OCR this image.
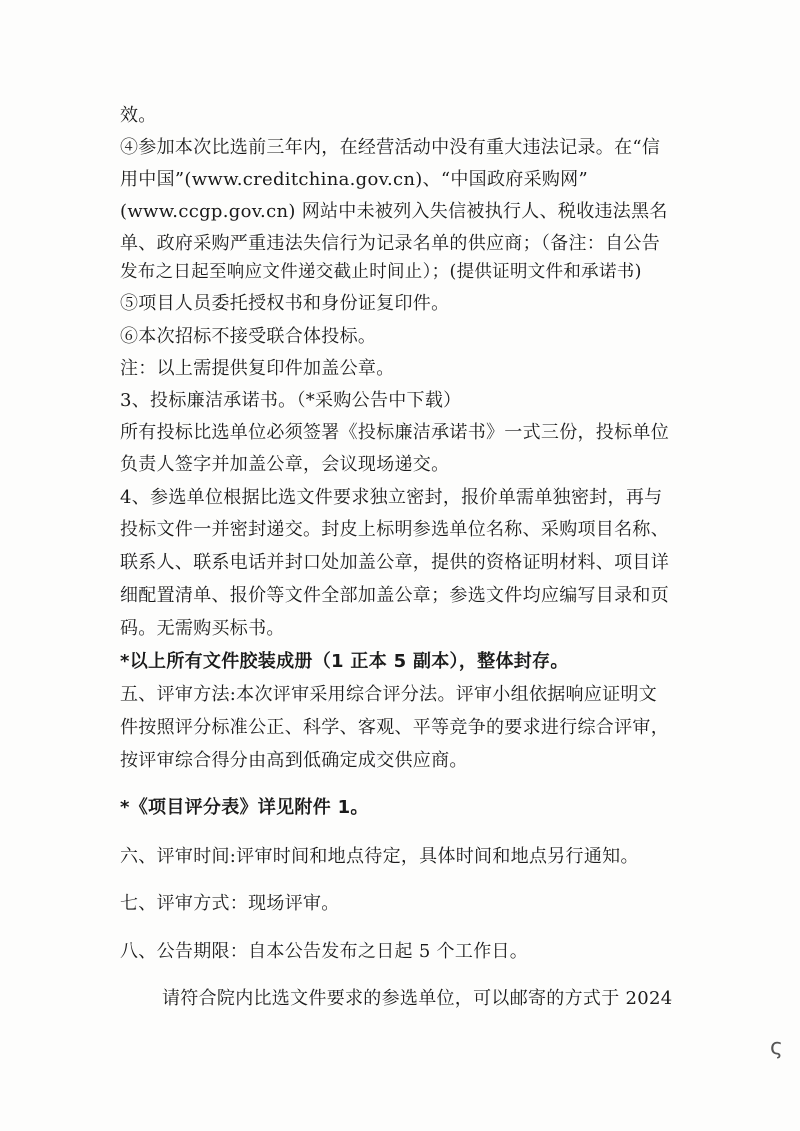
效。
④参加本次比选前三年内，在经营活动中没有重大违法记录。在“信
用中国”(www.creditchina.gov.cn)、“中国政府采购网”
(www.ccgp.gov.cn) 网站中未被列入失信被执行人、税收违法黑名
单、政府采购严重违法失信行为记录名单的供应商；（备注：自公告
发布之日起至响应文件递交截止时间止）；(提供证明文件和承诺书)
⑤项目人员委托授权书和身份证复印件。
⑥本次招标不接受联合体投标。
注：以上需提供复印件加盖公章。
3、投标廉洁承诺书。（*采购公告中下载）
所有投标比选单位必须签署《投标廉洁承诺书》一式三份，投标单位
负责人签字并加盖公章，会议现场递交。
4、参选单位根据比选文件要求独立密封，报价单需单独密封，再与
投标文件一并密封递交。封皮上标明参选单位名称、采购项目名称、
联系人、联系电话并封口处加盖公章，提供的资格证明材料、项目详
细配置清单、报价等文件全部加盖公章；参选文件均应编写目录和页
码。无需购买标书。
*以上所有文件胶装成册（1 正本 5 副本），整体封存。
五、评审方法:本次评审采用综合评分法。评审小组依据响应证明文
件按照评分标准公正、科学、客观、平等竞争的要求进行综合评审，
按评审综合得分由高到低确定成交供应商。
*《项目评分表》详见附件 1。
六、评审时间:评审时间和地点待定，具体时间和地点另行通知。
七、评审方式：现场评审。
八、公告期限：自本公告发布之日起 5 个工作日。
请符合院内比选文件要求的参选单位，可以邮寄的方式于 2024
ς
